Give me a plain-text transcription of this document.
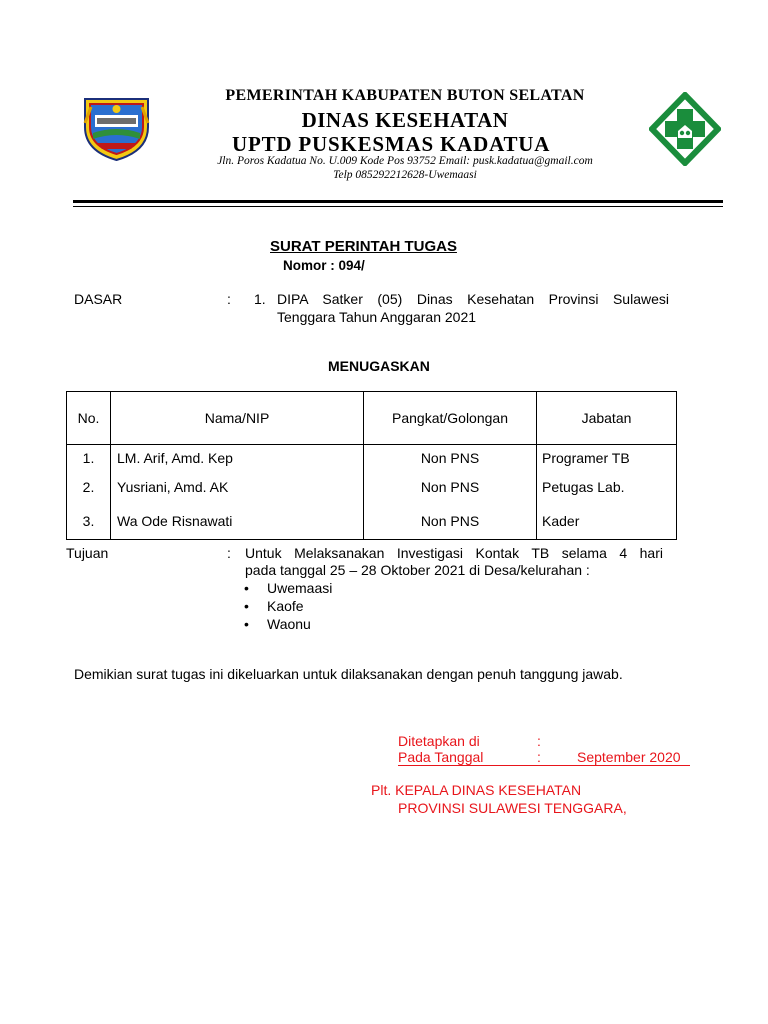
PEMERINTAH KABUPATEN BUTON SELATAN
DINAS KESEHATAN
UPTD PUSKESMAS KADATUA
Jln. Poros Kadatua No. U.009 Kode Pos 93752 Email: pusk.kadatua@gmail.com
Telp 085292212628-Uwemaasi
SURAT PERINTAH TUGAS
Nomor : 094/
DASAR	: 1. DIPA Satker (05) Dinas Kesehatan Provinsi Sulawesi
Tenggara Tahun Anggaran 2021
MENUGASKAN
No.	Nama/NIP	Pangkat/Golongan	Jabatan
1.	LM. Arif, Amd. Kep	Non PNS	Programer TB
2.	Yusriani, Amd. AK	Non PNS	Petugas Lab.
3.	Wa Ode Risnawati	Non PNS	Kader
Tujuan	: Untuk Melaksanakan Investigasi Kontak TB selama 4 hari
pada tanggal 25 – 28 Oktober 2021 di Desa/kelurahan :
• Uwemaasi
• Kaofe
• Waonu
Demikian surat tugas ini dikeluarkan untuk dilaksanakan dengan penuh tanggung jawab.
Ditetapkan di	:
Pada Tanggal	:	September 2020
Plt. KEPALA DINAS KESEHATAN
PROVINSI SULAWESI TENGGARA,
